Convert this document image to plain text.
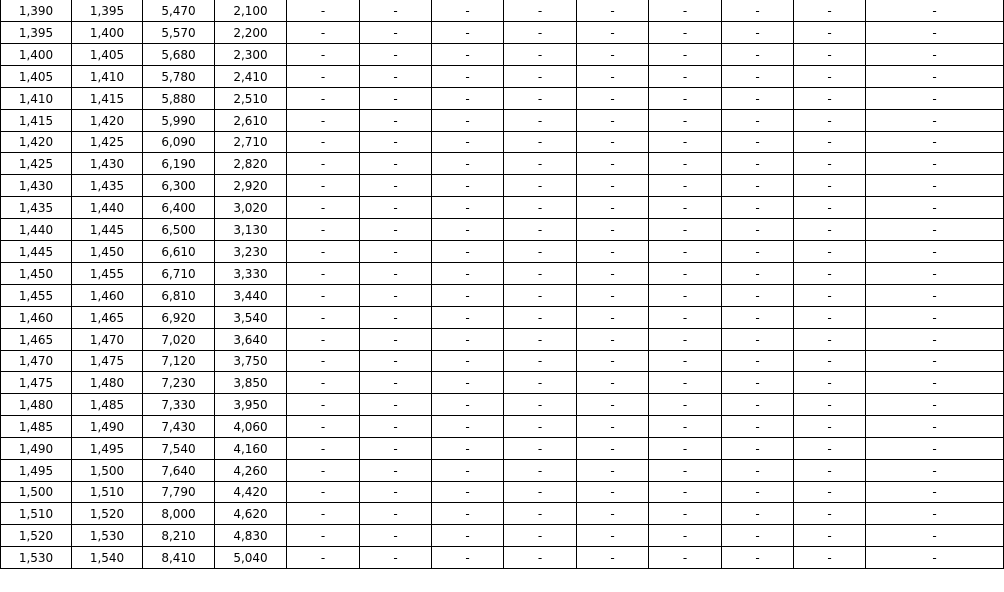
1,390	1,395	5,470	2,100	-	-	-	-	-	-	-	-	-
1,395	1,400	5,570	2,200	-	-	-	-	-	-	-	-	-
1,400	1,405	5,680	2,300	-	-	-	-	-	-	-	-	-
1,405	1,410	5,780	2,410	-	-	-	-	-	-	-	-	-
1,410	1,415	5,880	2,510	-	-	-	-	-	-	-	-	-
1,415	1,420	5,990	2,610	-	-	-	-	-	-	-	-	-
1,420	1,425	6,090	2,710	-	-	-	-	-	-	-	-	-
1,425	1,430	6,190	2,820	-	-	-	-	-	-	-	-	-
1,430	1,435	6,300	2,920	-	-	-	-	-	-	-	-	-
1,435	1,440	6,400	3,020	-	-	-	-	-	-	-	-	-
1,440	1,445	6,500	3,130	-	-	-	-	-	-	-	-	-
1,445	1,450	6,610	3,230	-	-	-	-	-	-	-	-	-
1,450	1,455	6,710	3,330	-	-	-	-	-	-	-	-	-
1,455	1,460	6,810	3,440	-	-	-	-	-	-	-	-	-
1,460	1,465	6,920	3,540	-	-	-	-	-	-	-	-	-
1,465	1,470	7,020	3,640	-	-	-	-	-	-	-	-	-
1,470	1,475	7,120	3,750	-	-	-	-	-	-	-	-	-
1,475	1,480	7,230	3,850	-	-	-	-	-	-	-	-	-
1,480	1,485	7,330	3,950	-	-	-	-	-	-	-	-	-
1,485	1,490	7,430	4,060	-	-	-	-	-	-	-	-	-
1,490	1,495	7,540	4,160	-	-	-	-	-	-	-	-	-
1,495	1,500	7,640	4,260	-	-	-	-	-	-	-	-	-
1,500	1,510	7,790	4,420	-	-	-	-	-	-	-	-	-
1,510	1,520	8,000	4,620	-	-	-	-	-	-	-	-	-
1,520	1,530	8,210	4,830	-	-	-	-	-	-	-	-	-
1,530	1,540	8,410	5,040	-	-	-	-	-	-	-	-	-
